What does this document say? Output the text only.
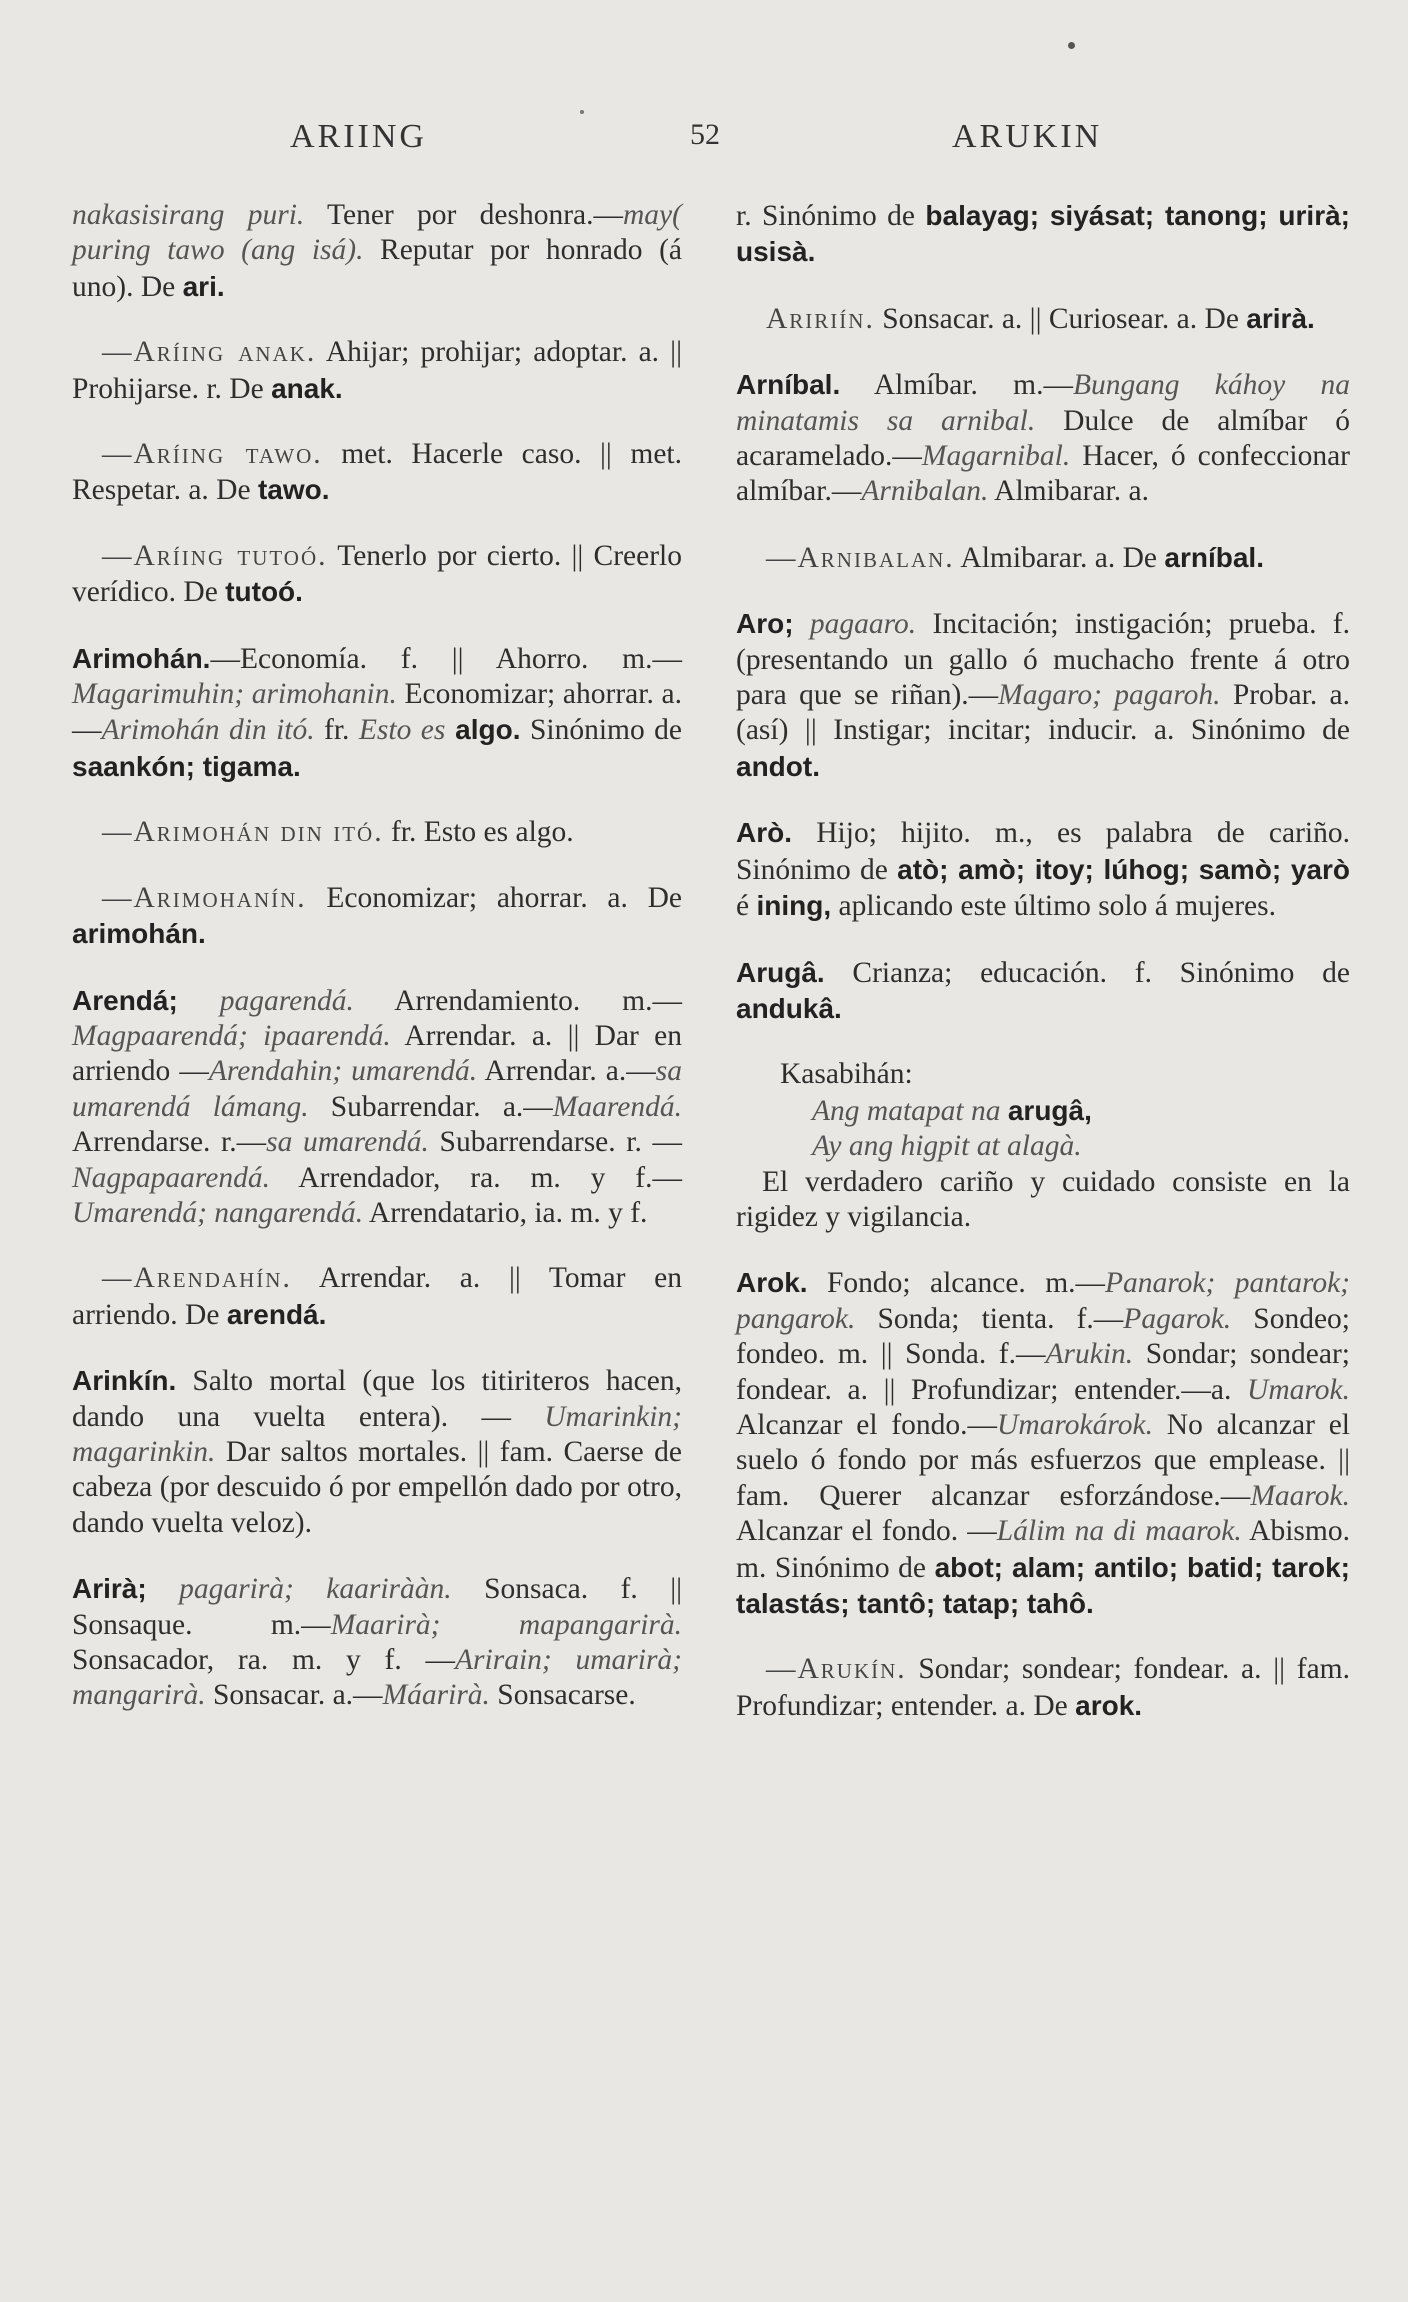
ARIING	52	ARUKIN

nakasisirang puri. Tener por deshonra.—may( puring tawo (ang isá). Reputar por honrado (á uno). De ari.

—Aríing anak. Ahijar; prohijar; adoptar. a. || Prohijarse. r. De anak.
—Aríing tawo. met. Hacerle caso. || met. Respetar. a. De tawo.
—Aríing tutoó. Tenerlo por cierto. || Creerlo verídico. De tutoó.
Arimohán.—Economía. f. || Ahorro. m.—Magarimuhin; arimohanin. Economizar; ahorrar. a.—Arimohán din itó. fr. Esto es algo. Sinónimo de saankón; tigama.
—Arimohán din itó. fr. Esto es algo.
—Arimohanín. Economizar; ahorrar. a. De arimohán.
Arendá; pagarendá. Arrendamiento. m.—Magpaarendá; ipaarendá. Arrendar. a. || Dar en arriendo —Arendahin; umarendá. Arrendar. a.—sa umarendá lámang. Subarrendar. a.—Maarendá. Arrendarse. r.—sa umarendá. Subarrendarse. r. —Nagpapaarendá. Arrendador, ra. m. y f.—Umarendá; nangarendá. Arrendatario, ia. m. y f.
—Arendahín. Arrendar. a. || Tomar en arriendo. De arendá.
Arinkín. Salto mortal (que los titiriteros hacen, dando una vuelta entera). — Umarinkin; magarinkin. Dar saltos mortales. || fam. Caerse de cabeza (por descuido ó por empellón dado por otro, dando vuelta veloz).
Arirà; pagarirà; kaarirààn. Sonsaca. f. || Sonsaque. m.—Maarirà; mapangarirà. Sonsacador, ra. m. y f. —Arirain; umarirà; mangarirà. Sonsacar. a.—Máarirà. Sonsacarse.
r. Sinónimo de balayag; siyásat; tanong; urirà; usisà.
Aririín. Sonsacar. a. || Curiosear. a. De arirà.
Arníbal. Almíbar. m.—Bungang káhoy na minatamis sa arnibal. Dulce de almíbar ó acaramelado.—Magarnibal. Hacer, ó confeccionar almíbar.—Arnibalan. Almibarar. a.
—Arnibalan. Almibarar. a. De arníbal.
Aro; pagaaro. Incitación; instigación; prueba. f. (presentando un gallo ó muchacho frente á otro para que se riñan).—Magaro; pagaroh. Probar. a. (así) || Instigar; incitar; inducir. a. Sinónimo de andot.
Arò. Hijo; hijito. m., es palabra de cariño. Sinónimo de atò; amò; itoy; lúhog; samò; yarò é ining, aplicando este último solo á mujeres.
Arugâ. Crianza; educación. f. Sinónimo de andukâ.
Kasabihán:
Ang matapat na arugâ,
Ay ang higpit at alagà.
El verdadero cariño y cuidado consiste en la rigidez y vigilancia.
Arok. Fondo; alcance. m.—Panarok; pantarok; pangarok. Sonda; tienta. f.—Pagarok. Sondeo; fondeo. m. || Sonda. f.—Arukin. Sondar; sondear; fondear. a. || Profundizar; entender.—a. Umarok. Alcanzar el fondo.—Umarokárok. No alcanzar el suelo ó fondo por más esfuerzos que emplease. || fam. Querer alcanzar esforzándose.—Maarok. Alcanzar el fondo. —Lálim na di maarok. Abismo. m. Sinónimo de abot; alam; antilo; batid; tarok; talastás; tantô; tatap; tahô.
—Arukín. Sondar; sondear; fondear. a. || fam. Profundizar; entender. a. De arok.
